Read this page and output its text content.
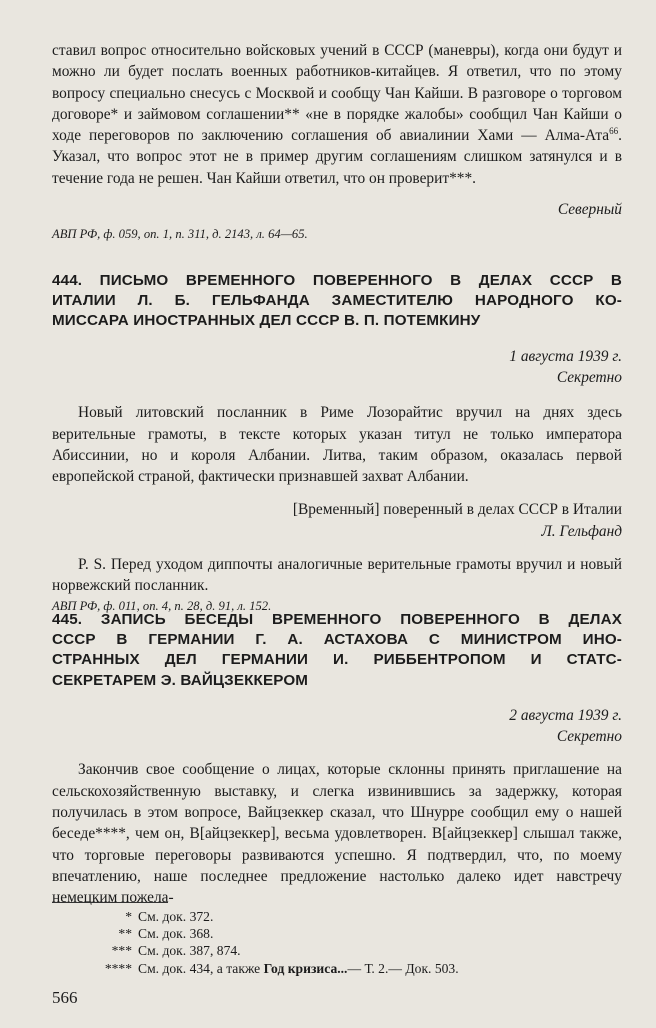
ставил вопрос относительно войсковых учений в СССР (маневры), когда они будут и можно ли будет послать военных работников-китайцев. Я ответил, что по этому вопросу специально снесусь с Москвой и сообщу Чан Кайши. В разговоре о торговом договоре* и займовом соглашении** «не в порядке жалобы» сообщил Чан Кайши о ходе переговоров по заключению соглашения об авиалинии Хами — Алма-Ата$^{66}$. Указал, что вопрос этот не в пример другим соглашениям слишком затянулся и в течение года не решен. Чан Кайши ответил, что он проверит***.

Северный

АВП РФ, ф. 059, оп. 1, п. 311, д. 2143, л. 64—65.

444. ПИСЬМО ВРЕМЕННОГО ПОВЕРЕННОГО В ДЕЛАХ СССР В
ИТАЛИИ Л. Б. ГЕЛЬФАНДА ЗАМЕСТИТЕЛЮ НАРОДНОГО КО-
МИССАРА ИНОСТРАННЫХ ДЕЛ СССР В. П. ПОТЕМКИНУ

1 августа 1939 г.

Секретно

Новый литовский посланник в Риме Лозорайтис вручил на днях здесь верительные грамоты, в тексте которых указан титул не только императора Абиссинии, но и короля Албании. Литва, таким образом, оказалась первой европейской страной, фактически признавшей захват Албании.

[Временный] поверенный в делах СССР в Италии

Л. Гельфанд

P. S. Перед уходом диппочты аналогичные верительные грамоты вручил и новый норвежский посланник.

АВП РФ, ф. 011, оп. 4, п. 28, д. 91, л. 152.

445. ЗАПИСЬ БЕСЕДЫ ВРЕМЕННОГО ПОВЕРЕННОГО В ДЕЛАХ
СССР В ГЕРМАНИИ Г. А. АСТАХОВА С МИНИСТРОМ ИНО-
СТРАННЫХ ДЕЛ ГЕРМАНИИ И. РИББЕНТРОПОМ И СТАТС-
СЕКРЕТАРЕМ Э. ВАЙЦЗЕККЕРОМ

2 августа 1939 г.

Секретно

Закончив свое сообщение о лицах, которые склонны принять приглашение на сельскохозяйственную выставку, и слегка извинившись за задержку, которая получилась в этом вопросе, Вайцзеккер сказал, что Шнурре сообщил ему о нашей беседе****, чем он, В[айцзеккер], весьма удовлетворен. В[айцзеккер] слышал также, что торговые переговоры развиваются успешно. Я подтвердил, что, по моему впечатлению, наше последнее предложение настолько далеко идет навстречу немецким пожела-

* См. док. 372.
** См. док. 368.
*** См. док. 387, 874.
**** См. док. 434, а также Год кризиса...— Т. 2.— Док. 503.
566
